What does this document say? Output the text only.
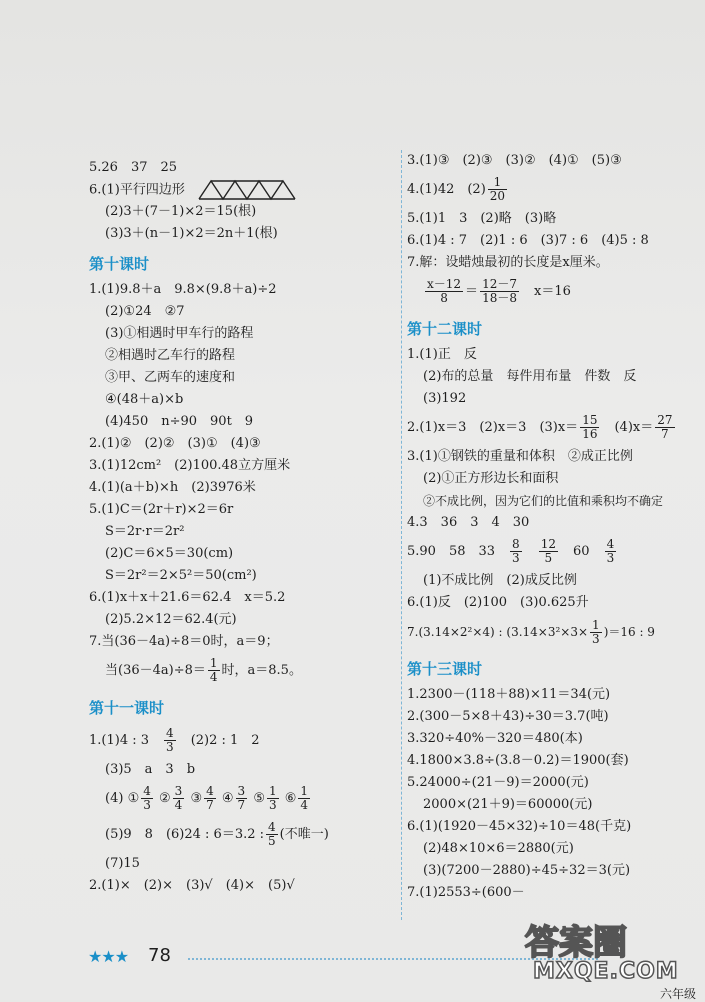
5.26　37　25
6.(1)平行四边形
(2)3＋(7－1)×2＝15(根)
(3)3＋(n－1)×2＝2n＋1(根)
第十课时
1.(1)9.8＋a　9.8×(9.8＋a)÷2
(2)①24　②7
(3)①相遇时甲车行的路程
②相遇时乙车行的路程
③甲、乙两车的速度和
④(48＋a)×b
(4)450　n÷90　90t　9
2.(1)②　(2)②　(3)①　(4)③
3.(1)12cm²　(2)100.48立方厘米
4.(1)(a＋b)×h　(2)3976米
5.(1)C＝(2r＋r)×2＝6r
S＝2r·r＝2r²
(2)C＝6×5＝30(cm)
S＝2r²＝2×5²＝50(cm²)
6.(1)x＋x＋21.6＝62.4　x＝5.2
(2)5.2×12＝62.4(元)
7.当(36－4a)÷8＝0时，a＝9；
当$(36-4a)\div 8= \frac{1}{4}$ 时，a＝8.5。
第十一课时
1.(1)4 : 3　 $\frac{4}{3}$
　 (2)2 : 1　2
(3)5　a　3　b
(4) ① $\frac{4}{3}$ ② $\frac{3}{4}$ ③ $\frac{4}{7}$ ④ $\frac{3}{7}$ ⑤ $\frac{1}{3}$ ⑥ $\frac{1}{4}$
(5)9　8　(6)24 : 6＝3.2 : $\frac{4}{5}$ (不唯一)
(7)15
2.(1)×　(2)×　(3)√　(4)×　(5)√
3.(1)③　(2)③　(3)②　(4)①　(5)③
4.(1)42　$(2) \frac{1}{20}$
5.(1)1　3　(2)略　(3)略
6.(1)4 : 7　(2)1 : 6　(3)7 : 6　(4)5 : 8
7.解：设蜡烛最初的长度是x厘米。
$\frac{x-12}{8} = \frac{12-7}{18-8}$
　 x＝16
第十二课时
1.(1)正　反
(2)布的总量　每件用布量　件数　反
(3)192
2.(1)x＝3　(2)x＝3　$(3)x= \frac{15}{16}$
　 $(4)x= \frac{27}{7}$
3.(1)①钢铁的重量和体积　②成正比例
(2)①正方形边长和面积
②不成比例，因为它们的比值和乘积均不确定
4.3　36　3　4　30
5.90　58　33　 $\frac{8}{3}$
　 $\frac{12}{5}$
　 60　 $\frac{4}{3}$
(1)不成比例　(2)成反比例
6.(1)反　(2)100　(3)0.625升
7.(3.14×2²×4) : $(3.14\times 3^2\times 3\times \frac{1}{3} )=16$ : 9
第十三课时
1.2300－(118＋88)×11＝34(元)
2.(300－5×8＋43)÷30＝3.7(吨)
3.320÷40%－320＝480(本)
4.1800×3.8÷(3.8－0.2)＝1900(套)
5.24000÷(21－9)＝2000(元)
2000×(21＋9)＝60000(元)
6.(1)(1920－45×32)÷10＝48(千克)
(2)48×10×6＝2880(元)
(3)(7200－2880)÷45÷32＝3(元)
7.(1)2553÷(600－
★★★ 78
六年级
答案圈
MXQE.COM
